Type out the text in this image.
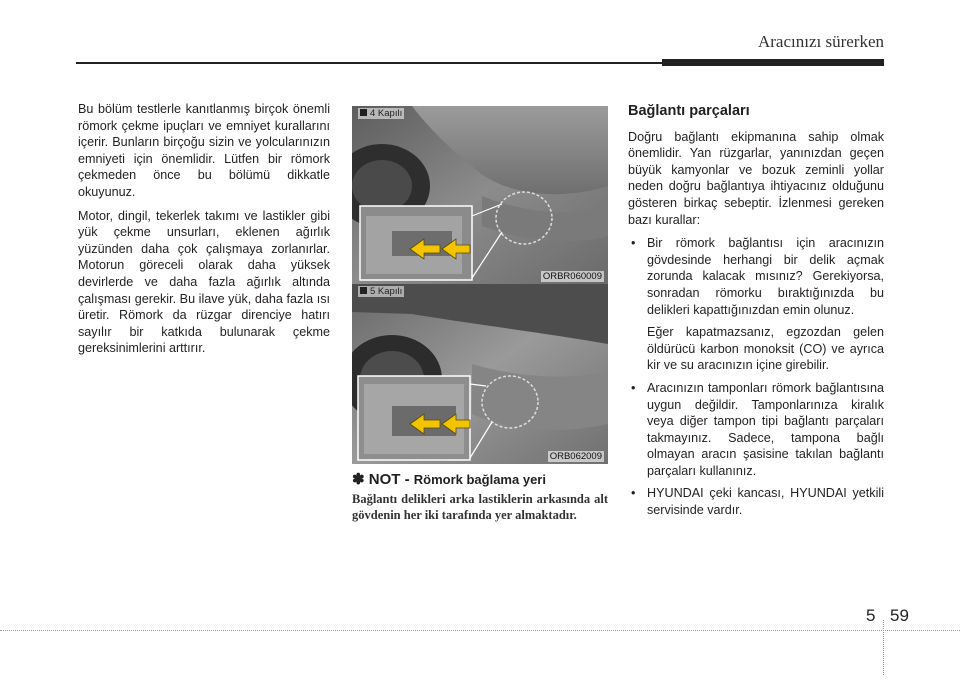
Aracınızı sürerken

Bu bölüm testlerle kanıtlanmış birçok önemli römork çekme ipuçları ve emniyet kurallarını içerir. Bunların birçoğu sizin ve yolcularınızın emniyeti için önemlidir. Lütfen bir römork çekmeden önce bu bölümü dikkatle okuyunuz.

Motor, dingil, tekerlek takımı ve lastikler gibi yük çekme unsurları, eklenen ağırlık yüzünden daha çok çalışmaya zorlanırlar. Motorun göreceli olarak daha yüksek devirlerde ve daha fazla ağırlık altında çalışması gerekir. Bu ilave yük, daha fazla ısı üretir. Römork da rüzgar direnciye hatırı sayılır bir katkıda bulunarak çekme gereksinimlerini arttırır.

4 Kapılı
ORBR060009
5 Kapılı
ORB062009
✽ NOT - Römork bağlama yeri
Bağlantı delikleri arka lastiklerin arkasında alt gövdenin her iki tarafında yer almaktadır.
Bağlantı parçaları

Doğru bağlantı ekipmanına sahip olmak önemlidir. Yan rüzgarlar, yanınızdan geçen büyük kamyonlar ve bozuk zeminli yollar neden doğru bağlantıya ihtiyacınız olduğunu gösteren birkaç sebeptir. İzlenmesi gereken bazı kurallar:

• Bir römork bağlantısı için aracınızın gövdesinde herhangi bir delik açmak zorunda kalacak mısınız? Gerekiyorsa, sonradan römorku bıraktığınızda bu delikleri kapattığınızdan emin olunuz.

Eğer kapatmazsanız, egzozdan gelen öldürücü karbon monoksit (CO) ve ayrıca kir ve su aracınızın içine girebilir.

• Aracınızın tamponları römork bağlantısına uygun değildir. Tamponlarınıza kiralık veya diğer tampon tipi bağlantı parçaları takmayınız. Sadece, tampona bağlı olmayan aracın şasisine takılan bağlantı parçaları kullanınız.

• HYUNDAI çeki kancası, HYUNDAI yetkili servisinde vardır.

5 59
